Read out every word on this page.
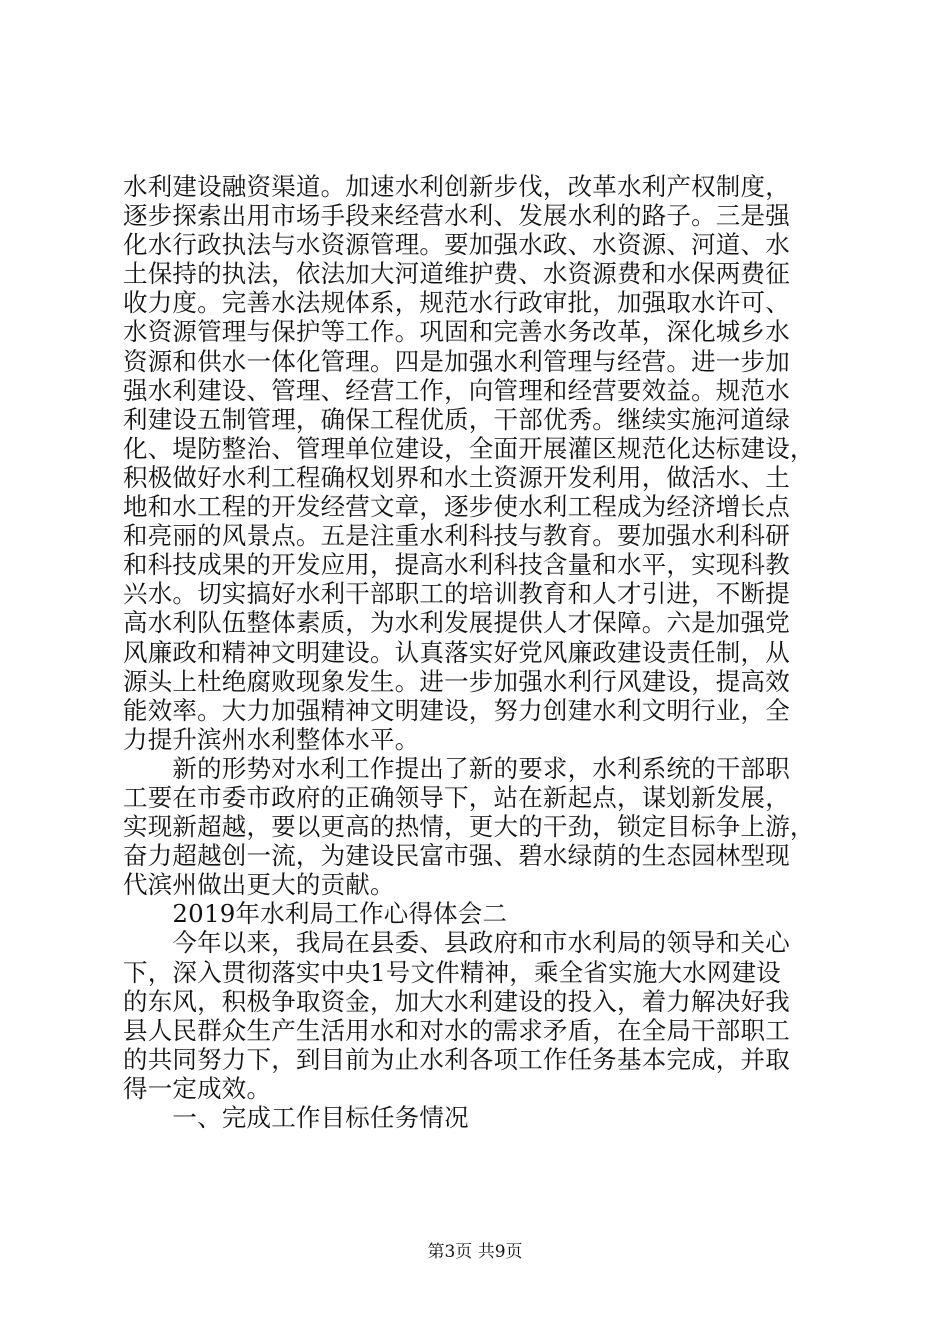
水利建设融资渠道。加速水利创新步伐，改革水利产权制度，
逐步探索出用市场手段来经营水利、发展水利的路子。三是强
化水行政执法与水资源管理。要加强水政、水资源、河道、水
土保持的执法，依法加大河道维护费、水资源费和水保两费征
收力度。完善水法规体系，规范水行政审批，加强取水许可、
水资源管理与保护等工作。巩固和完善水务改革，深化城乡水
资源和供水一体化管理。四是加强水利管理与经营。进一步加
强水利建设、管理、经营工作，向管理和经营要效益。规范水
利建设五制管理，确保工程优质，干部优秀。继续实施河道绿
化、堤防整治、管理单位建设，全面开展灌区规范化达标建设，
积极做好水利工程确权划界和水土资源开发利用，做活水、土
地和水工程的开发经营文章，逐步使水利工程成为经济增长点
和亮丽的风景点。五是注重水利科技与教育。要加强水利科研
和科技成果的开发应用，提高水利科技含量和水平，实现科教
兴水。切实搞好水利干部职工的培训教育和人才引进，不断提
高水利队伍整体素质，为水利发展提供人才保障。六是加强党
风廉政和精神文明建设。认真落实好党风廉政建设责任制，从
源头上杜绝腐败现象发生。进一步加强水利行风建设，提高效
能效率。大力加强精神文明建设，努力创建水利文明行业，全
力提升滨州水利整体水平。
　　新的形势对水利工作提出了新的要求，水利系统的干部职
工要在市委市政府的正确领导下，站在新起点，谋划新发展，
实现新超越，要以更高的热情，更大的干劲，锁定目标争上游，
奋力超越创一流，为建设民富市强、碧水绿荫的生态园林型现
代滨州做出更大的贡献。
　　2019年水利局工作心得体会二
　　今年以来，我局在县委、县政府和市水利局的领导和关心
下，深入贯彻落实中央1号文件精神，乘全省实施大水网建设
的东风，积极争取资金，加大水利建设的投入，着力解决好我
县人民群众生产生活用水和对水的需求矛盾，在全局干部职工
的共同努力下，到目前为止水利各项工作任务基本完成，并取
得一定成效。
　　一、完成工作目标任务情况
第3页 共9页
